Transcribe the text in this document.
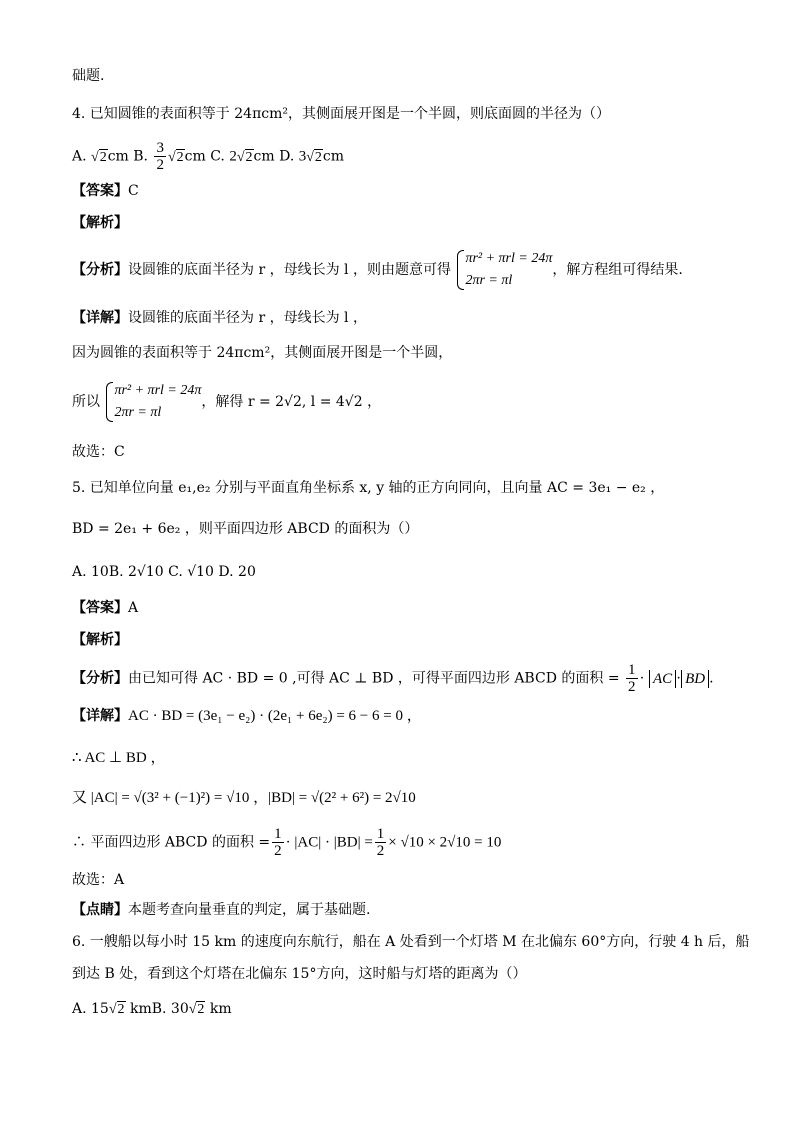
础题.
4. 已知圆锥的表面积等于 24πcm²，其侧面展开图是一个半圆，则底面圆的半径为（）
A. √2cm B. $\frac{3}{2} √2cm$ C. 2√2cm D. 3√2cm
【答案】C
【解析】
【分析】设圆锥的底面半径为 r ，母线长为 l ，则由题意可得
πr² + πrl = 24π
2πr = πl
，解方程组可得结果.
【详解】设圆锥的底面半径为 r ，母线长为 l ，
因为圆锥的表面积等于 24πcm²，其侧面展开图是一个半圆，
所以
πr² + πrl = 24π
2πr = πl
，解得 r = 2√2, l = 4√2 ，
故选：C
5. 已知单位向量 e₁,e₂ 分别与平面直角坐标系 x, y 轴的正方向同向，且向量 AC = 3e₁ − e₂ ，
BD = 2e₁ + 6e₂ ，则平面四边形 ABCD 的面积为（）
A. 10B. 2√10 C. √10 D. 20
【答案】A
【解析】
【分析】由已知可得 AC · BD = 0 ,可得 AC ⊥ BD ，可得平面四边形 ABCD 的面积 = $\frac{1}{2}$ · AC · BD .
【详解】AC · BD = (3e₁ − e₂) · (2e₁ + 6e₂) = 6 − 6 = 0 ，
∴ AC ⊥ BD ，
又 |AC| = √(3² + (−1)²) = √10 ，|BD| = √(2² + 6²) = 2√10
∴ 平面四边形 ABCD 的面积 = $\frac{1}{2} \cdot |AC| \cdot |BD| = \frac{1}{2} \times √10 \times 2√10 = 10$
故选：A
【点睛】本题考查向量垂直的判定，属于基础题.
6. 一艘船以每小时 15 km 的速度向东航行，船在 A 处看到一个灯塔 M 在北偏东 60°方向，行驶 4 h 后，船
到达 B 处，看到这个灯塔在北偏东 15°方向，这时船与灯塔的距离为（）
A. 15√2 kmB. 30√2 km
